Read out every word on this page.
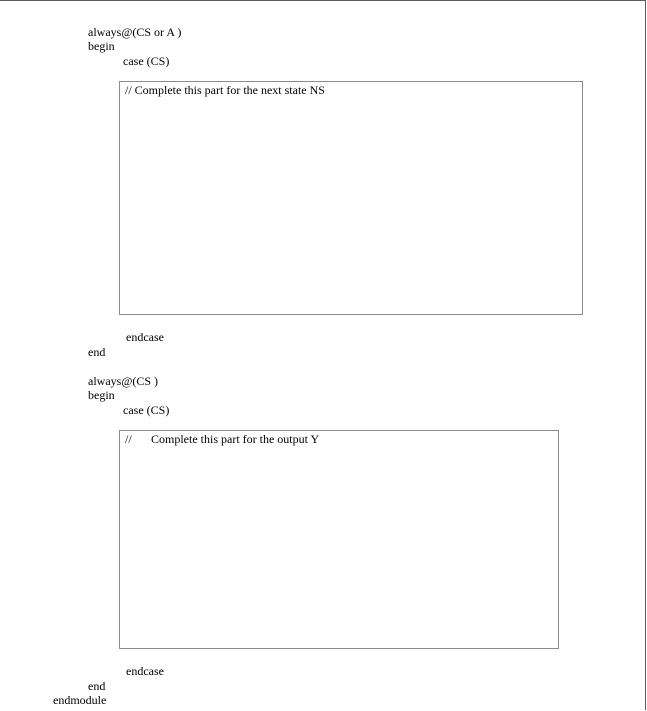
always@(CS or A )
begin
case (CS)
// Complete this part for the next state NS
endcase
end
always@(CS )
begin
case (CS)
// Complete this part for the output Y
endcase
end
endmodule
